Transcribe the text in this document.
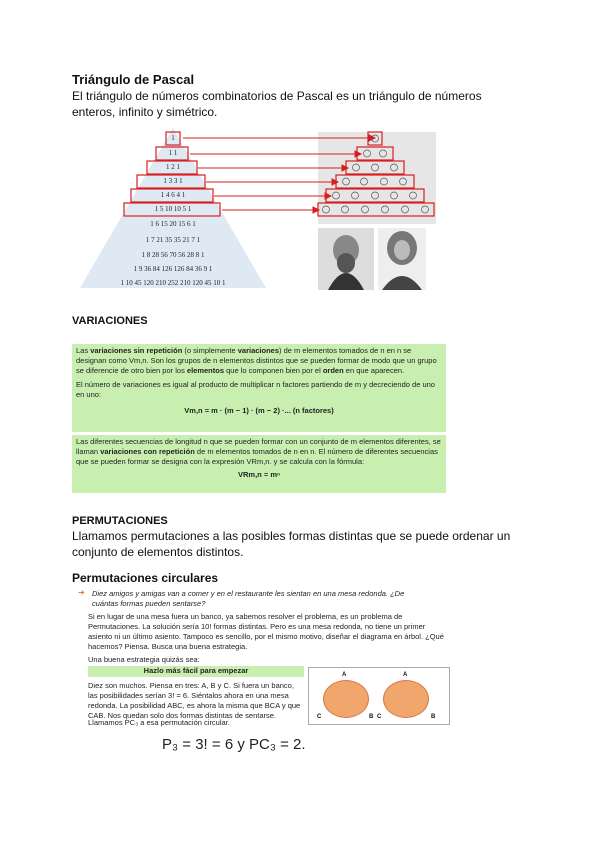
Triángulo de Pascal
El triángulo de números combinatorios de Pascal es un triángulo de números enteros, infinito y simétrico.
1
1 1
1 2 1
1 3 3 1
1 4 6 4 1
1 5 10 10 5 1
1 6 15 20 15 6 1
1 7 21 35 35 21 7 1
1 8 28 56 70 56 28 8 1
1 9 36 84 126 126 84 36 9 1
1 10 45 120 210 252 210 120 45 10 1
VARIACIONES
Las variaciones sin repetición (o simplemente variaciones) de m elementos tomados de n en n se designan como Vm,n. Son los grupos de n elementos distintos que se pueden formar de modo que un grupo se diferencie de otro bien por los elementos que lo componen bien por el orden en que aparecen.
El número de variaciones es igual al producto de multiplicar n factores partiendo de m y decreciendo de uno en uno:
Vm,n = m · (m − 1) · (m − 2) ·... (n factores)
Las diferentes secuencias de longitud n que se pueden formar con un conjunto de m elementos diferentes, se llaman variaciones con repetición de m elementos tomados de n en n. El número de diferentes secuencias que se pueden formar se designa con la expresión VRm,n. y se calcula con la fórmula:
VRm,n = mⁿ
PERMUTACIONES
Llamamos permutaciones a las posibles formas distintas que se puede ordenar un conjunto de elementos distintos.
Permutaciones circulares
➜ Diez amigos y amigas van a comer y en el restaurante les sientan en una mesa redonda. ¿De cuántas formas pueden sentarse?
Si en lugar de una mesa fuera un banco, ya sabemos resolver el problema, es un problema de Permutaciones. La solución sería 10! formas distintas. Pero es una mesa redonda, no tiene un primer asiento ni un último asiento. Tampoco es sencillo, por el mismo motivo, diseñar el diagrama en árbol. ¿Qué hacemos? Piensa. Busca una buena estrategia.
Una buena estrategia quizás sea:
Hazlo más fácil para empezar
Diez son muchos. Piensa en tres: A, B y C. Si fuera un banco, las posibilidades serían 3! = 6. Siéntalos ahora en una mesa redonda. La posibilidad ABC, es ahora la misma que BCA y que CAB. Nos quedan solo dos formas distintas de sentarse.
Llamamos PC₃ a esa permutación circular.
A
B
C
A
C	B
P₃ = 3! = 6 y PC₃ = 2.
